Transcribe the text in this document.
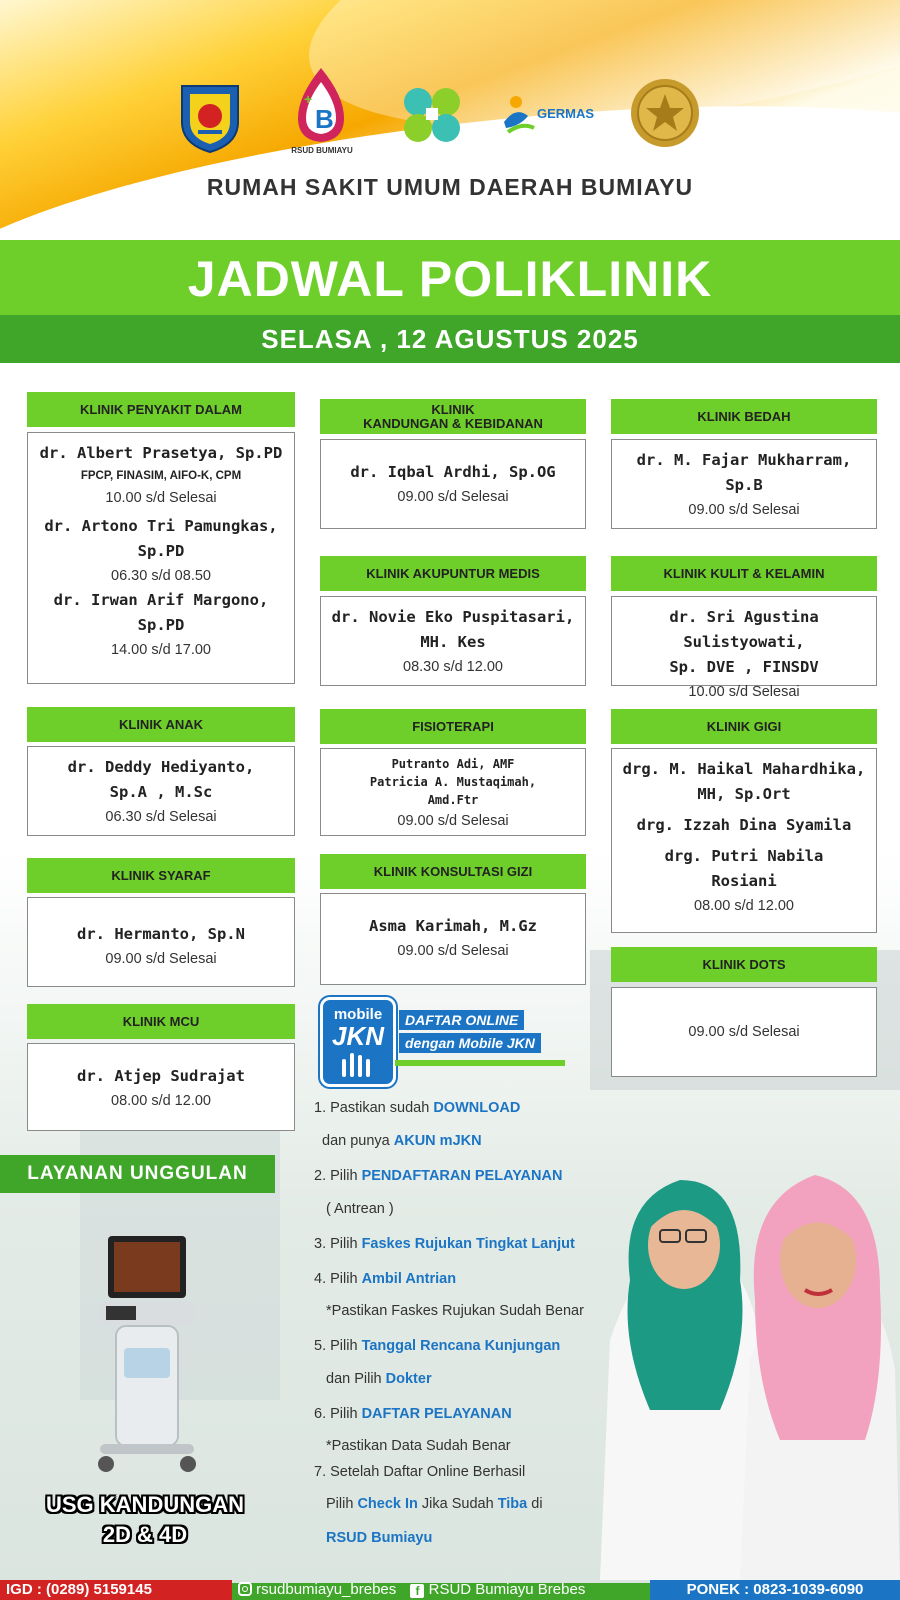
B
+
RSUD BUMIAYU
GERMAS
RUMAH SAKIT UMUM DAERAH BUMIAYU
JADWAL POLIKLINIK
SELASA , 12 AGUSTUS 2025
KLINIK PENYAKIT DALAM
dr. Albert Prasetya, Sp.PD
FPCP, FINASIM, AIFO-K, CPM
10.00 s/d Selesai
dr. Artono Tri Pamungkas,
Sp.PD
06.30 s/d 08.50
dr. Irwan Arif Margono,
Sp.PD
14.00 s/d 17.00
KLINIK ANAK
dr. Deddy Hediyanto,
Sp.A , M.Sc
06.30 s/d Selesai
KLINIK SYARAF
dr. Hermanto, Sp.N
09.00 s/d Selesai
KLINIK MCU
dr. Atjep Sudrajat
08.00 s/d 12.00
KLINIK
KANDUNGAN & KEBIDANAN
dr. Iqbal Ardhi, Sp.OG
09.00 s/d Selesai
KLINIK AKUPUNTUR MEDIS
dr. Novie Eko Puspitasari,
MH. Kes
08.30 s/d 12.00
FISIOTERAPI
Putranto Adi, AMF
Patricia A. Mustaqimah,
Amd.Ftr
09.00 s/d Selesai
KLINIK KONSULTASI GIZI
Asma Karimah, M.Gz
09.00 s/d Selesai
KLINIK BEDAH
dr. M. Fajar Mukharram,
Sp.B
09.00 s/d Selesai
KLINIK KULIT & KELAMIN
dr. Sri Agustina Sulistyowati,
Sp. DVE , FINSDV
10.00 s/d Selesai
KLINIK GIGI
drg. M. Haikal Mahardhika,
MH, Sp.Ort
drg. Izzah Dina Syamila
drg. Putri Nabila
Rosiani
08.00 s/d 12.00
KLINIK DOTS
09.00 s/d Selesai
mobile
JKN
DAFTAR ONLINE
dengan Mobile JKN
1. Pastikan sudah DOWNLOAD
dan punya AKUN mJKN
2. Pilih PENDAFTARAN PELAYANAN
( Antrean )
3. Pilih Faskes Rujukan Tingkat Lanjut
4. Pilih Ambil Antrian
*Pastikan Faskes Rujukan Sudah Benar
5. Pilih Tanggal Rencana Kunjungan
dan Pilih Dokter
6. Pilih DAFTAR PELAYANAN
*Pastikan Data Sudah Benar
7. Setelah Daftar Online Berhasil
Pilih Check In Jika Sudah Tiba di
RSUD Bumiayu
LAYANAN UNGGULAN
USG KANDUNGAN
2D & 4D
IGD : (0289) 5159145	rsudbumiayu_brebes f RSUD Bumiayu Brebes	PONEK : 0823-1039-6090
